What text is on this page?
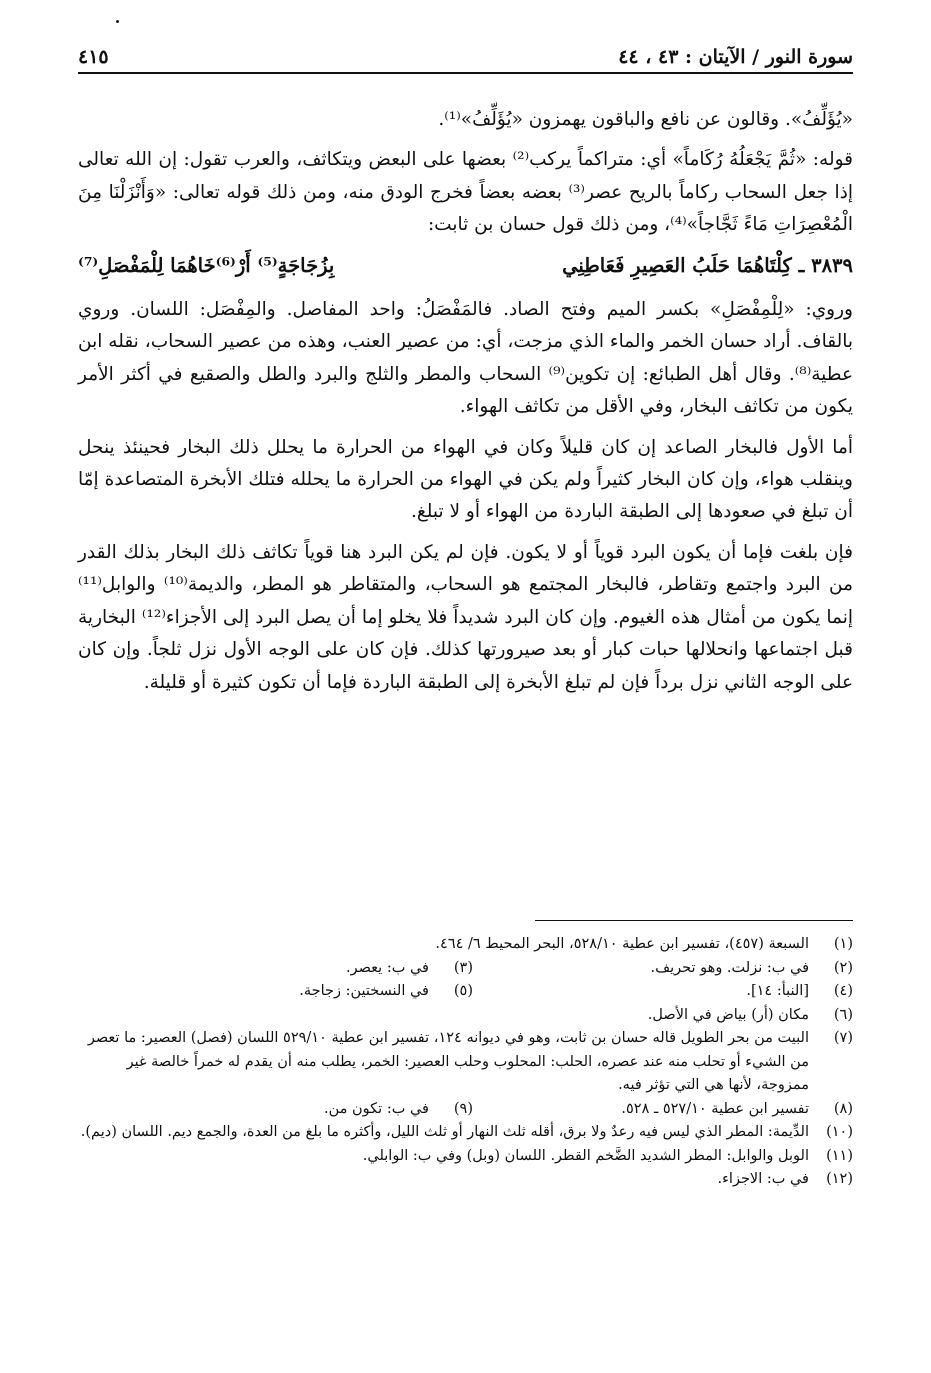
سورة النور / الآيتان : ٤٣ ، ٤٤
٤١٥

«يُؤَلِّفُ». وقالون عن نافع والباقون يهمزون «يُؤَلِّفُ»⁽¹⁾.

قوله: «ثُمَّ يَجْعَلُهُ رُكَاماً» أي: متراكماً يركب⁽²⁾ بعضها على البعض ويتكاثف، والعرب تقول: إن الله تعالى إذا جعل السحاب ركاماً بالريح عصر⁽³⁾ بعضه بعضاً فخرج الودق منه، ومن ذلك قوله تعالى: «وَأَنْزَلْنَا مِنَ الْمُعْصِرَاتِ مَاءً ثَجَّاجاً»⁽⁴⁾، ومن ذلك قول حسان بن ثابت:

٣٨٣٩ ـ كِلْتَاهُمَا حَلَبُ العَصِيرِ فَعَاطِنِي
بِزُجَاجَةٍ⁽⁵⁾ أَرْ⁽⁶⁾خَاهُمَا لِلْمَفْصَلِ⁽⁷⁾

وروي: «لِلْمِفْصَلِ» بكسر الميم وفتح الصاد. فالمَفْصَلُ: واحد المفاصل. والمِفْصَل: اللسان. وروي بالقاف. أراد حسان الخمر والماء الذي مزجت، أي: من عصير العنب، وهذه من عصير السحاب، نقله ابن عطية⁽⁸⁾. وقال أهل الطبائع: إن تكوين⁽⁹⁾ السحاب والمطر والثلج والبرد والطل والصقيع في أكثر الأمر يكون من تكاثف البخار، وفي الأقل من تكاثف الهواء.

أما الأول فالبخار الصاعد إن كان قليلاً وكان في الهواء من الحرارة ما يحلل ذلك البخار فحينئذ ينحل وينقلب هواء، وإن كان البخار كثيراً ولم يكن في الهواء من الحرارة ما يحلله فتلك الأبخرة المتصاعدة إمّا أن تبلغ في صعودها إلى الطبقة الباردة من الهواء أو لا تبلغ.

فإن بلغت فإما أن يكون البرد قوياً أو لا يكون. فإن لم يكن البرد هنا قوياً تكاثف ذلك البخار بذلك القدر من البرد واجتمع وتقاطر، فالبخار المجتمع هو السحاب، والمتقاطر هو المطر، والديمة⁽¹⁰⁾ والوابل⁽¹¹⁾ إنما يكون من أمثال هذه الغيوم. وإن كان البرد شديداً فلا يخلو إما أن يصل البرد إلى الأجزاء⁽¹²⁾ البخارية قبل اجتماعها وانحلالها حبات كبار أو بعد صيرورتها كذلك. فإن كان على الوجه الأول نزل ثلجاً. وإن كان على الوجه الثاني نزل برداً فإن لم تبلغ الأبخرة إلى الطبقة الباردة فإما أن تكون كثيرة أو قليلة.

(١)
السبعة (٤٥٧)، تفسير ابن عطية ٥٢٨/١٠، البحر المحيط ٦/ ٤٦٤.
(٢)
في ب: نزلت. وهو تحريف.
(٣)
في ب: يعصر.
(٤)
[النبأ: ١٤].
(٥)
في النسختين: زجاجة.
(٦)
مكان (أر) بياض في الأصل.
(٧)
البيت من بحر الطويل قاله حسان بن ثابت، وهو في ديوانه ١٢٤، تفسير ابن عطية ٥٢٩/١٠ اللسان (فصل) العصير: ما تعصر من الشيء أو تحلب منه عند عصره، الحلب: المحلوب وحلب العصير: الخمر، يطلب منه أن يقدم له خمراً خالصة غير ممزوجة، لأنها هي التي تؤثر فيه.
(٨)
تفسير ابن عطية ٥٢٧/١٠ ـ ٥٢٨.
(٩)
في ب: تكون من.
(١٠)
الدِّيمة: المطر الذي ليس فيه رعدٌ ولا برق، أقله ثلث النهار أو ثلث الليل، وأكثره ما بلغ من العدة، والجمع ديم. اللسان (ديم).
(١١)
الوبل والوابل: المطر الشديد الضَّخم القطر. اللسان (وبل) وفي ب: الوابلي.
(١٢)
في ب: الاجزاء.
